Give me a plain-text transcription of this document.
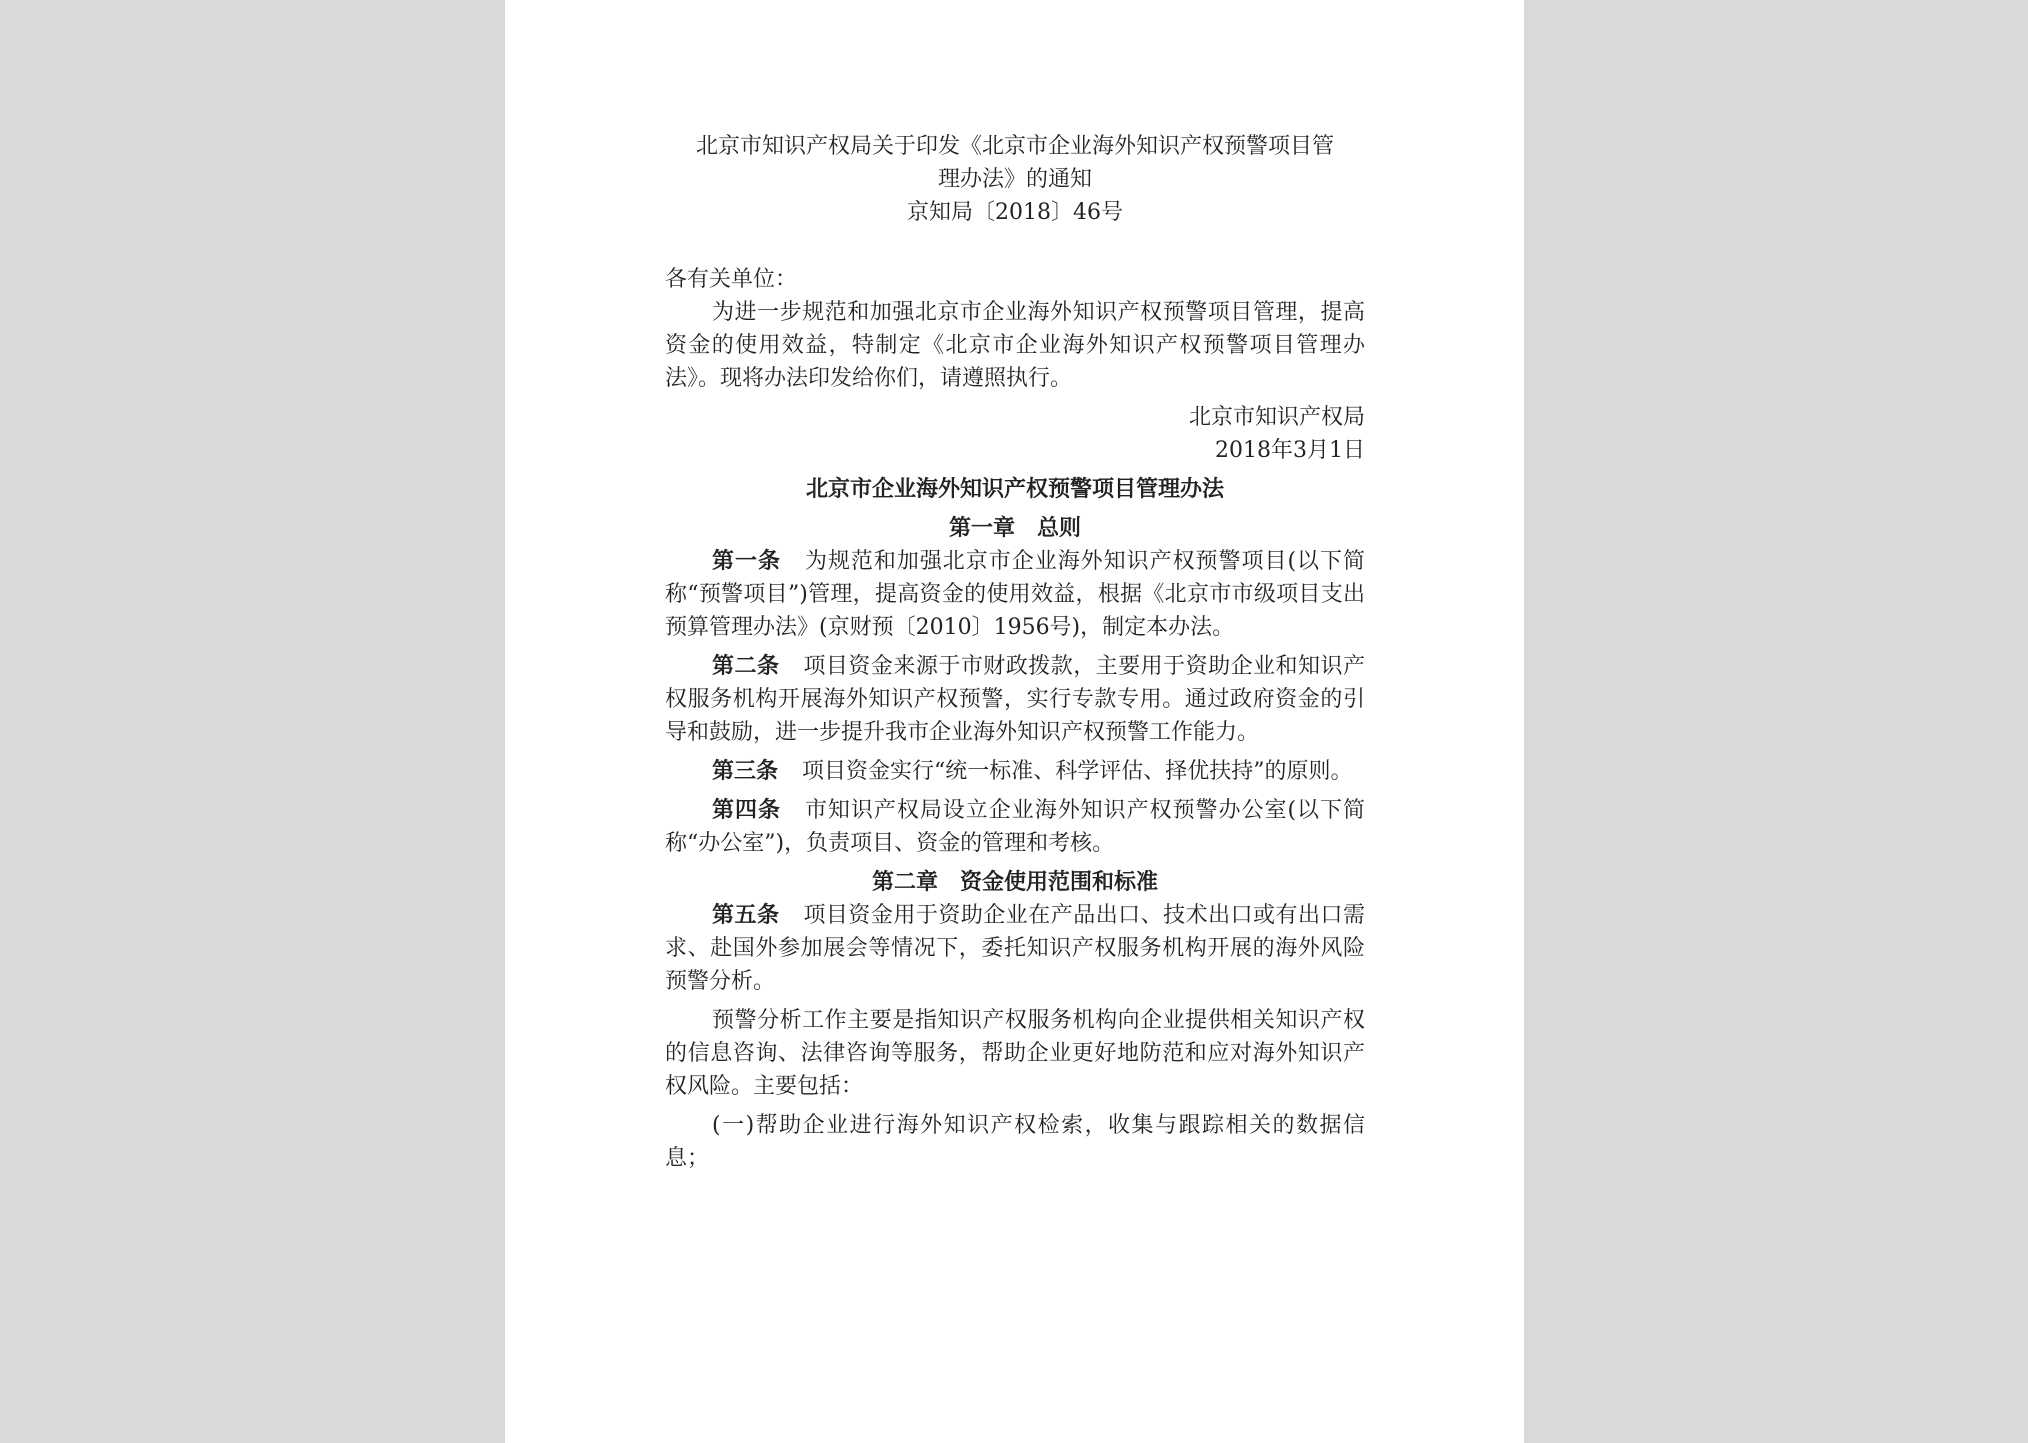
北京市知识产权局关于印发《北京市企业海外知识产权预警项目管
理办法》的通知
京知局〔2018〕46号
各有关单位：

为进一步规范和加强北京市企业海外知识产权预警项目管理，提高资金的使用效益，特制定《北京市企业海外知识产权预警项目管理办法》。现将办法印发给你们，请遵照执行。

北京市知识产权局
2018年3月1日
北京市企业海外知识产权预警项目管理办法
第一章　总则

第一条 为规范和加强北京市企业海外知识产权预警项目(以下简称“预警项目”)管理，提高资金的使用效益，根据《北京市市级项目支出预算管理办法》(京财预〔2010〕1956号)，制定本办法。

第二条 项目资金来源于市财政拨款，主要用于资助企业和知识产权服务机构开展海外知识产权预警，实行专款专用。通过政府资金的引导和鼓励，进一步提升我市企业海外知识产权预警工作能力。

第三条 项目资金实行“统一标准、科学评估、择优扶持”的原则。

第四条 市知识产权局设立企业海外知识产权预警办公室(以下简称“办公室”)，负责项目、资金的管理和考核。

第二章　资金使用范围和标准

第五条 项目资金用于资助企业在产品出口、技术出口或有出口需求、赴国外参加展会等情况下，委托知识产权服务机构开展的海外风险预警分析。

预警分析工作主要是指知识产权服务机构向企业提供相关知识产权的信息咨询、法律咨询等服务，帮助企业更好地防范和应对海外知识产权风险。主要包括：

(一)帮助企业进行海外知识产权检索，收集与跟踪相关的数据信息；
